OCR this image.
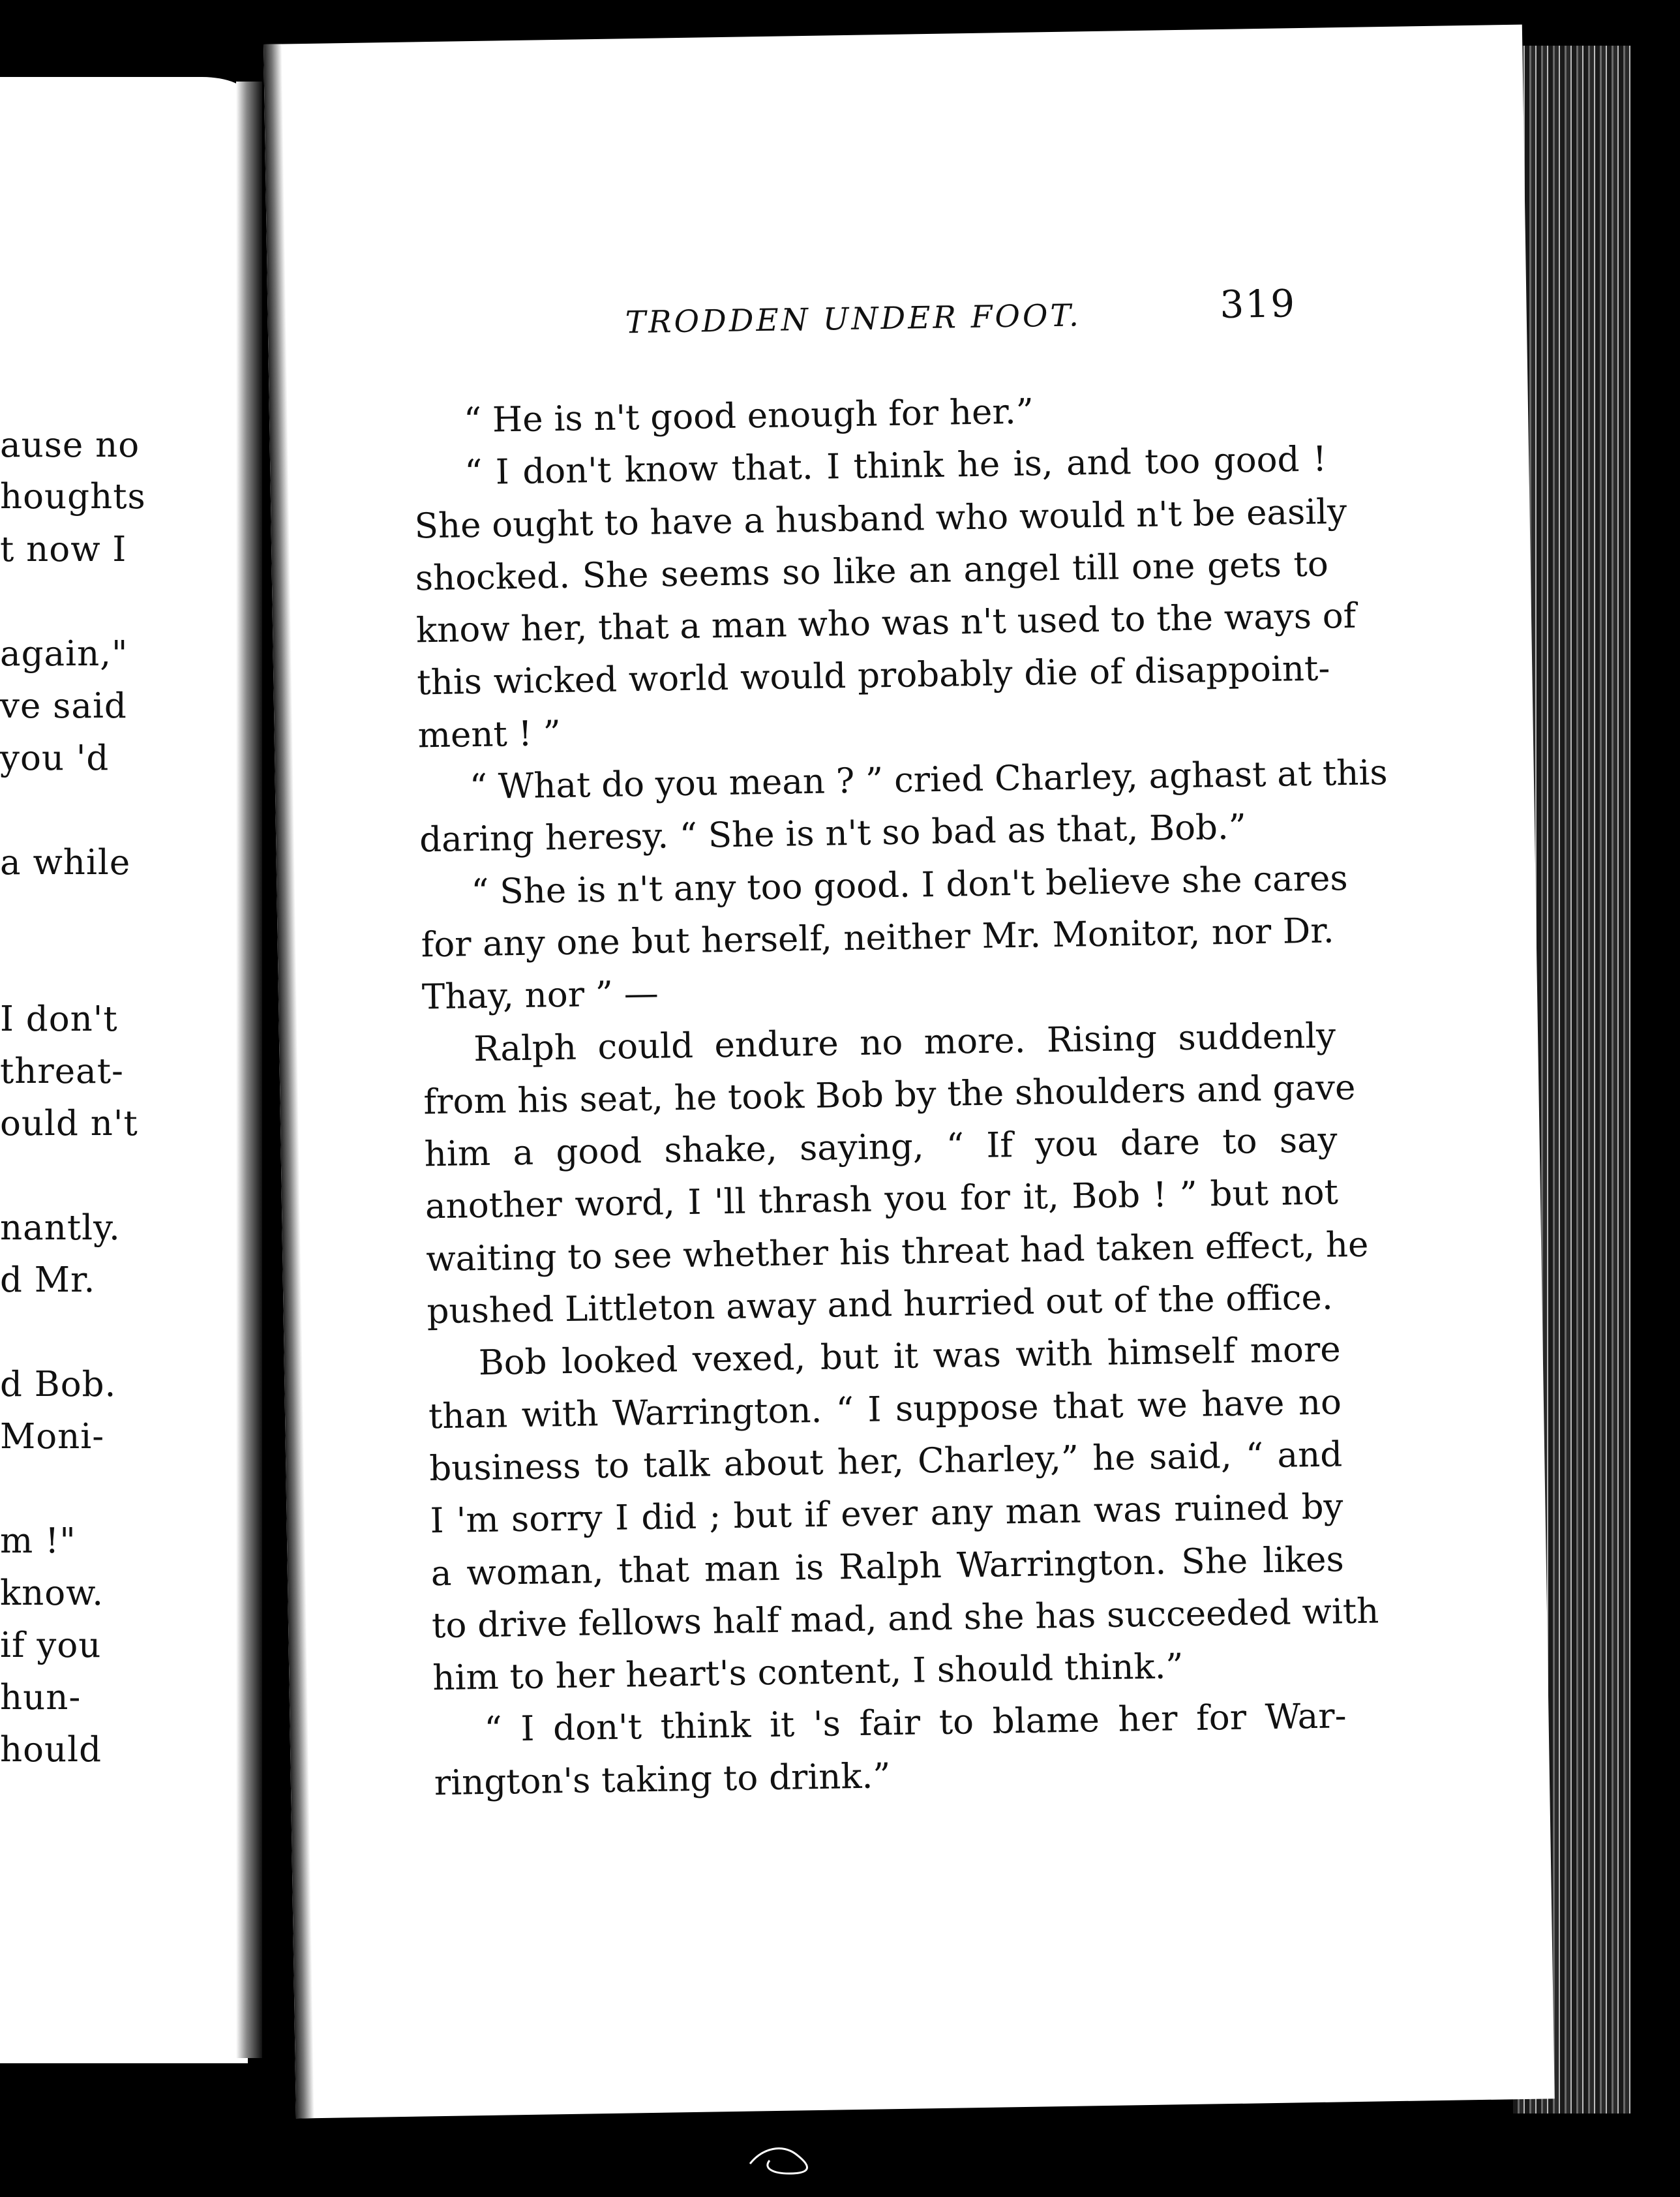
ause no
houghts
t now I
again,"
ve said
you 'd
a while
I don't
threat-
ould n't
nantly.
d Mr.
d Bob.
Moni-
m !"
know.
if you
hun-
hould
TRODDEN UNDER FOOT.	319
“ He is n't good enough for her.”
“ I don't know that. I think he is, and too good !
She ought to have a husband who would n't be easily
shocked. She seems so like an angel till one gets to
know her, that a man who was n't used to the ways of
this wicked world would probably die of disappoint-
ment ! ”
“ What do you mean ? ” cried Charley, aghast at this
daring heresy. “ She is n't so bad as that, Bob.”
“ She is n't any too good. I don't believe she cares
for any one but herself, neither Mr. Monitor, nor Dr.
Thay, nor ” —
Ralph could endure no more. Rising suddenly
from his seat, he took Bob by the shoulders and gave
him a good shake, saying, “ If you dare to say
another word, I 'll thrash you for it, Bob ! ” but not
waiting to see whether his threat had taken effect, he
pushed Littleton away and hurried out of the office.
Bob looked vexed, but it was with himself more
than with Warrington. “ I suppose that we have no
business to talk about her, Charley,” he said, “ and
I 'm sorry I did ; but if ever any man was ruined by
a woman, that man is Ralph Warrington. She likes
to drive fellows half mad, and she has succeeded with
him to her heart's content, I should think.”
“ I don't think it 's fair to blame her for War-
rington's taking to drink.”
